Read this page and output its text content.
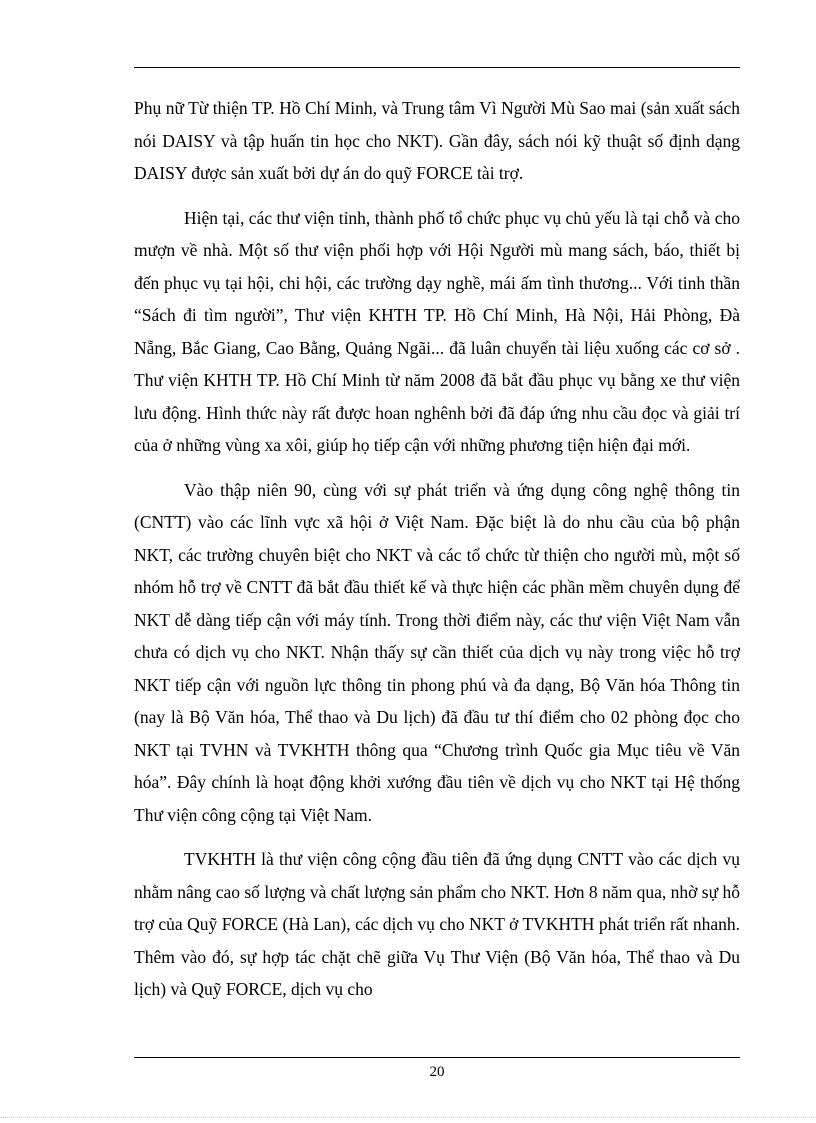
Phụ nữ Từ thiện TP. Hồ Chí Minh, và Trung tâm Vì Người Mù Sao mai (sản xuất sách nói DAISY và tập huấn tin học cho NKT). Gần đây, sách nói kỹ thuật số định dạng DAISY được sản xuất bởi dự án do quỹ FORCE tài trợ.

Hiện tại, các thư viện tỉnh, thành phố tổ chức phục vụ chủ yếu là tại chỗ và cho mượn về nhà. Một số thư viện phối hợp với Hội Người mù mang sách, báo, thiết bị đến phục vụ tại hội, chi hội, các trường dạy nghề, mái ấm tình thương... Với tinh thần “Sách đi tìm người”, Thư viện KHTH TP. Hồ Chí Minh, Hà Nội, Hải Phòng, Đà Nẵng, Bắc Giang, Cao Bằng, Quảng Ngãi... đã luân chuyển tài liệu xuống các cơ sở . Thư viện KHTH TP. Hồ Chí Minh từ năm 2008 đã bắt đầu phục vụ bằng xe thư viện lưu động. Hình thức này rất được hoan nghênh bởi đã đáp ứng nhu cầu đọc và giải trí của ở những vùng xa xôi, giúp họ tiếp cận với những phương tiện hiện đại mới.

Vào thập niên 90, cùng với sự phát triển và ứng dụng công nghệ thông tin (CNTT) vào các lĩnh vực xã hội ở Việt Nam. Đặc biệt là do nhu cầu của bộ phận NKT, các trường chuyên biệt cho NKT và các tổ chức từ thiện cho người mù, một số nhóm hỗ trợ về CNTT đã bắt đầu thiết kế và thực hiện các phần mềm chuyên dụng để NKT dễ dàng tiếp cận với máy tính. Trong thời điểm này, các thư viện Việt Nam vẫn chưa có dịch vụ cho NKT. Nhận thấy sự cần thiết của dịch vụ này trong việc hỗ trợ NKT tiếp cận với nguồn lực thông tin phong phú và đa dạng, Bộ Văn hóa Thông tin (nay là Bộ Văn hóa, Thể thao và Du lịch) đã đầu tư thí điểm cho 02 phòng đọc cho NKT tại TVHN và TVKHTH thông qua “Chương trình Quốc gia Mục tiêu về Văn hóa”. Đây chính là hoạt động khởi xướng đầu tiên về dịch vụ cho NKT tại Hệ thống Thư viện công cộng tại Việt Nam.

TVKHTH là thư viện công cộng đầu tiên đã ứng dụng CNTT vào các dịch vụ nhằm nâng cao số lượng và chất lượng sản phẩm cho NKT. Hơn 8 năm qua, nhờ sự hỗ trợ của Quỹ FORCE (Hà Lan), các dịch vụ cho NKT ở TVKHTH phát triển rất nhanh. Thêm vào đó, sự hợp tác chặt chẽ giữa Vụ Thư Viện (Bộ Văn hóa, Thể thao và Du lịch) và Quỹ FORCE, dịch vụ cho

20
